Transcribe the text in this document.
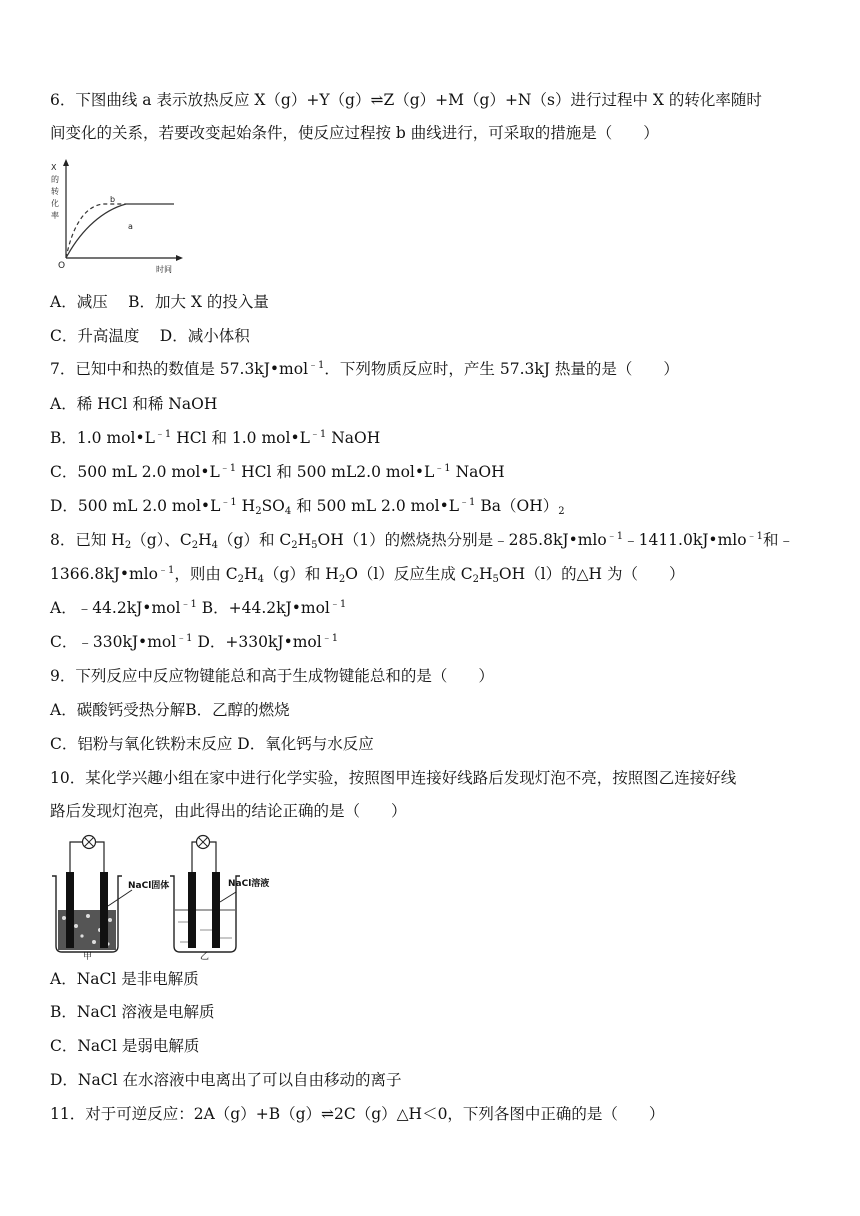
6．下图曲线 a 表示放热反应 X（g）+Y（g）⇌Z（g）+M（g）+N（s）进行过程中 X 的转化率随时
间变化的关系，若要改变起始条件，使反应过程按 b 曲线进行，可采取的措施是（　　）
X
的
转
化
率
O	时间
b
a
A．减压　 B．加大 X 的投入量
C．升高温度　 D．减小体积
7．已知中和热的数值是 57.3kJ•mol$^{﹣1}$．下列物质反应时，产生 57.3kJ 热量的是（　　）
A．稀 HCl 和稀 NaOH
B．1.0 $mol•L^{﹣1}$ HCl 和 1.0 $mol•L^{﹣1}$ NaOH
C．500 mL 2.0 $mol•L^{﹣1}$ HCl 和 500 mL2.0 $mol•L^{﹣1}$ NaOH
D．500 mL 2.0 $mol•L^{﹣1}$ $H_2SO_4$ 和 500 mL 2.0 $mol•L^{﹣1}$ $Ba(OH)_2$
8．已知 $H_2(g)$、$C_2H_4(g)$和 $C_2H_5OH(1)$的燃烧热分别是﹣285.8kJ•mlo$^{﹣1}$﹣1411.0kJ•mlo$^{﹣1}$和﹣
1366.8kJ•mlo$^{﹣1}$，则由 $C_2H_4(g)$和 $H_2O(l)$反应生成 $C_2H_5OH(l)$的△H 为（　　）
A．﹣44.2kJ•mol$^{﹣1}$ B．+44.2kJ•mol$^{﹣1}$
C．﹣330kJ•mol$^{﹣1}$ D．+330kJ•mol$^{﹣1}$
9．下列反应中反应物键能总和高于生成物键能总和的是（　　）
A．碳酸钙受热分解B．乙醇的燃烧
C．铝粉与氧化铁粉末反应 D．氧化钙与水反应
10．某化学兴趣小组在家中进行化学实验，按照图甲连接好线路后发现灯泡不亮，按照图乙连接好线
路后发现灯泡亮，由此得出的结论正确的是（　　）
NaCl固体
甲
NaCl溶液
乙
A．NaCl 是非电解质
B．NaCl 溶液是电解质
C．NaCl 是弱电解质
D．NaCl 在水溶液中电离出了可以自由移动的离子
11．对于可逆反应：2A（g）+B（g）⇌2C（g）△H＜0，下列各图中正确的是（　　）
